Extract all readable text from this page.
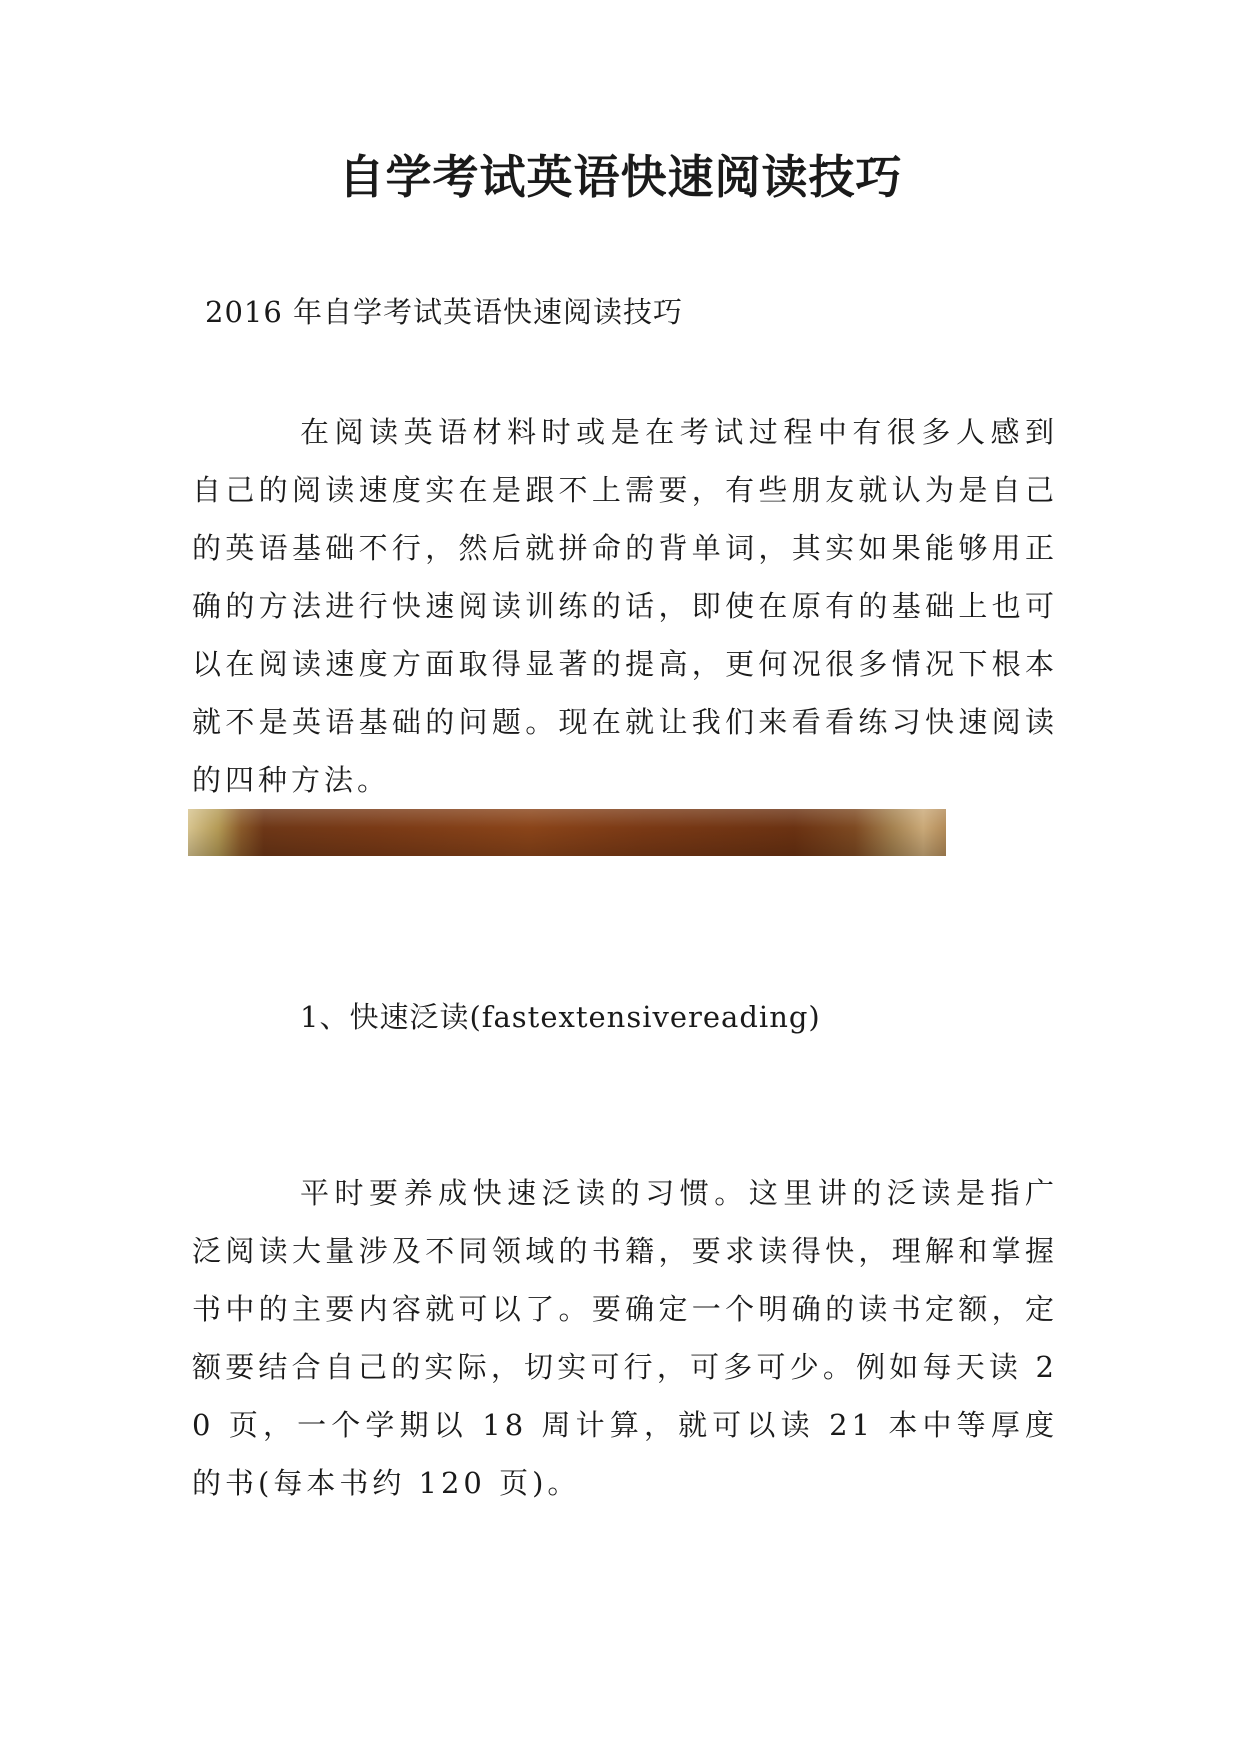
自学考试英语快速阅读技巧

2016 年自学考试英语快速阅读技巧

在阅读英语材料时或是在考试过程中有很多人感到自己的阅读速度实在是跟不上需要，有些朋友就认为是自己的英语基础不行，然后就拼命的背单词，其实如果能够用正确的方法进行快速阅读训练的话，即使在原有的基础上也可以在阅读速度方面取得显著的提高，更何况很多情况下根本就不是英语基础的问题。现在就让我们来看看练习快速阅读的四种方法。

1、快速泛读(fastextensivereading)

平时要养成快速泛读的习惯。这里讲的泛读是指广泛阅读大量涉及不同领域的书籍，要求读得快，理解和掌握书中的主要内容就可以了。要确定一个明确的读书定额，定额要结合自己的实际，切实可行，可多可少。例如每天读 20 页，一个学期以 18 周计算，就可以读 21 本中等厚度的书(每本书约 120 页)。
